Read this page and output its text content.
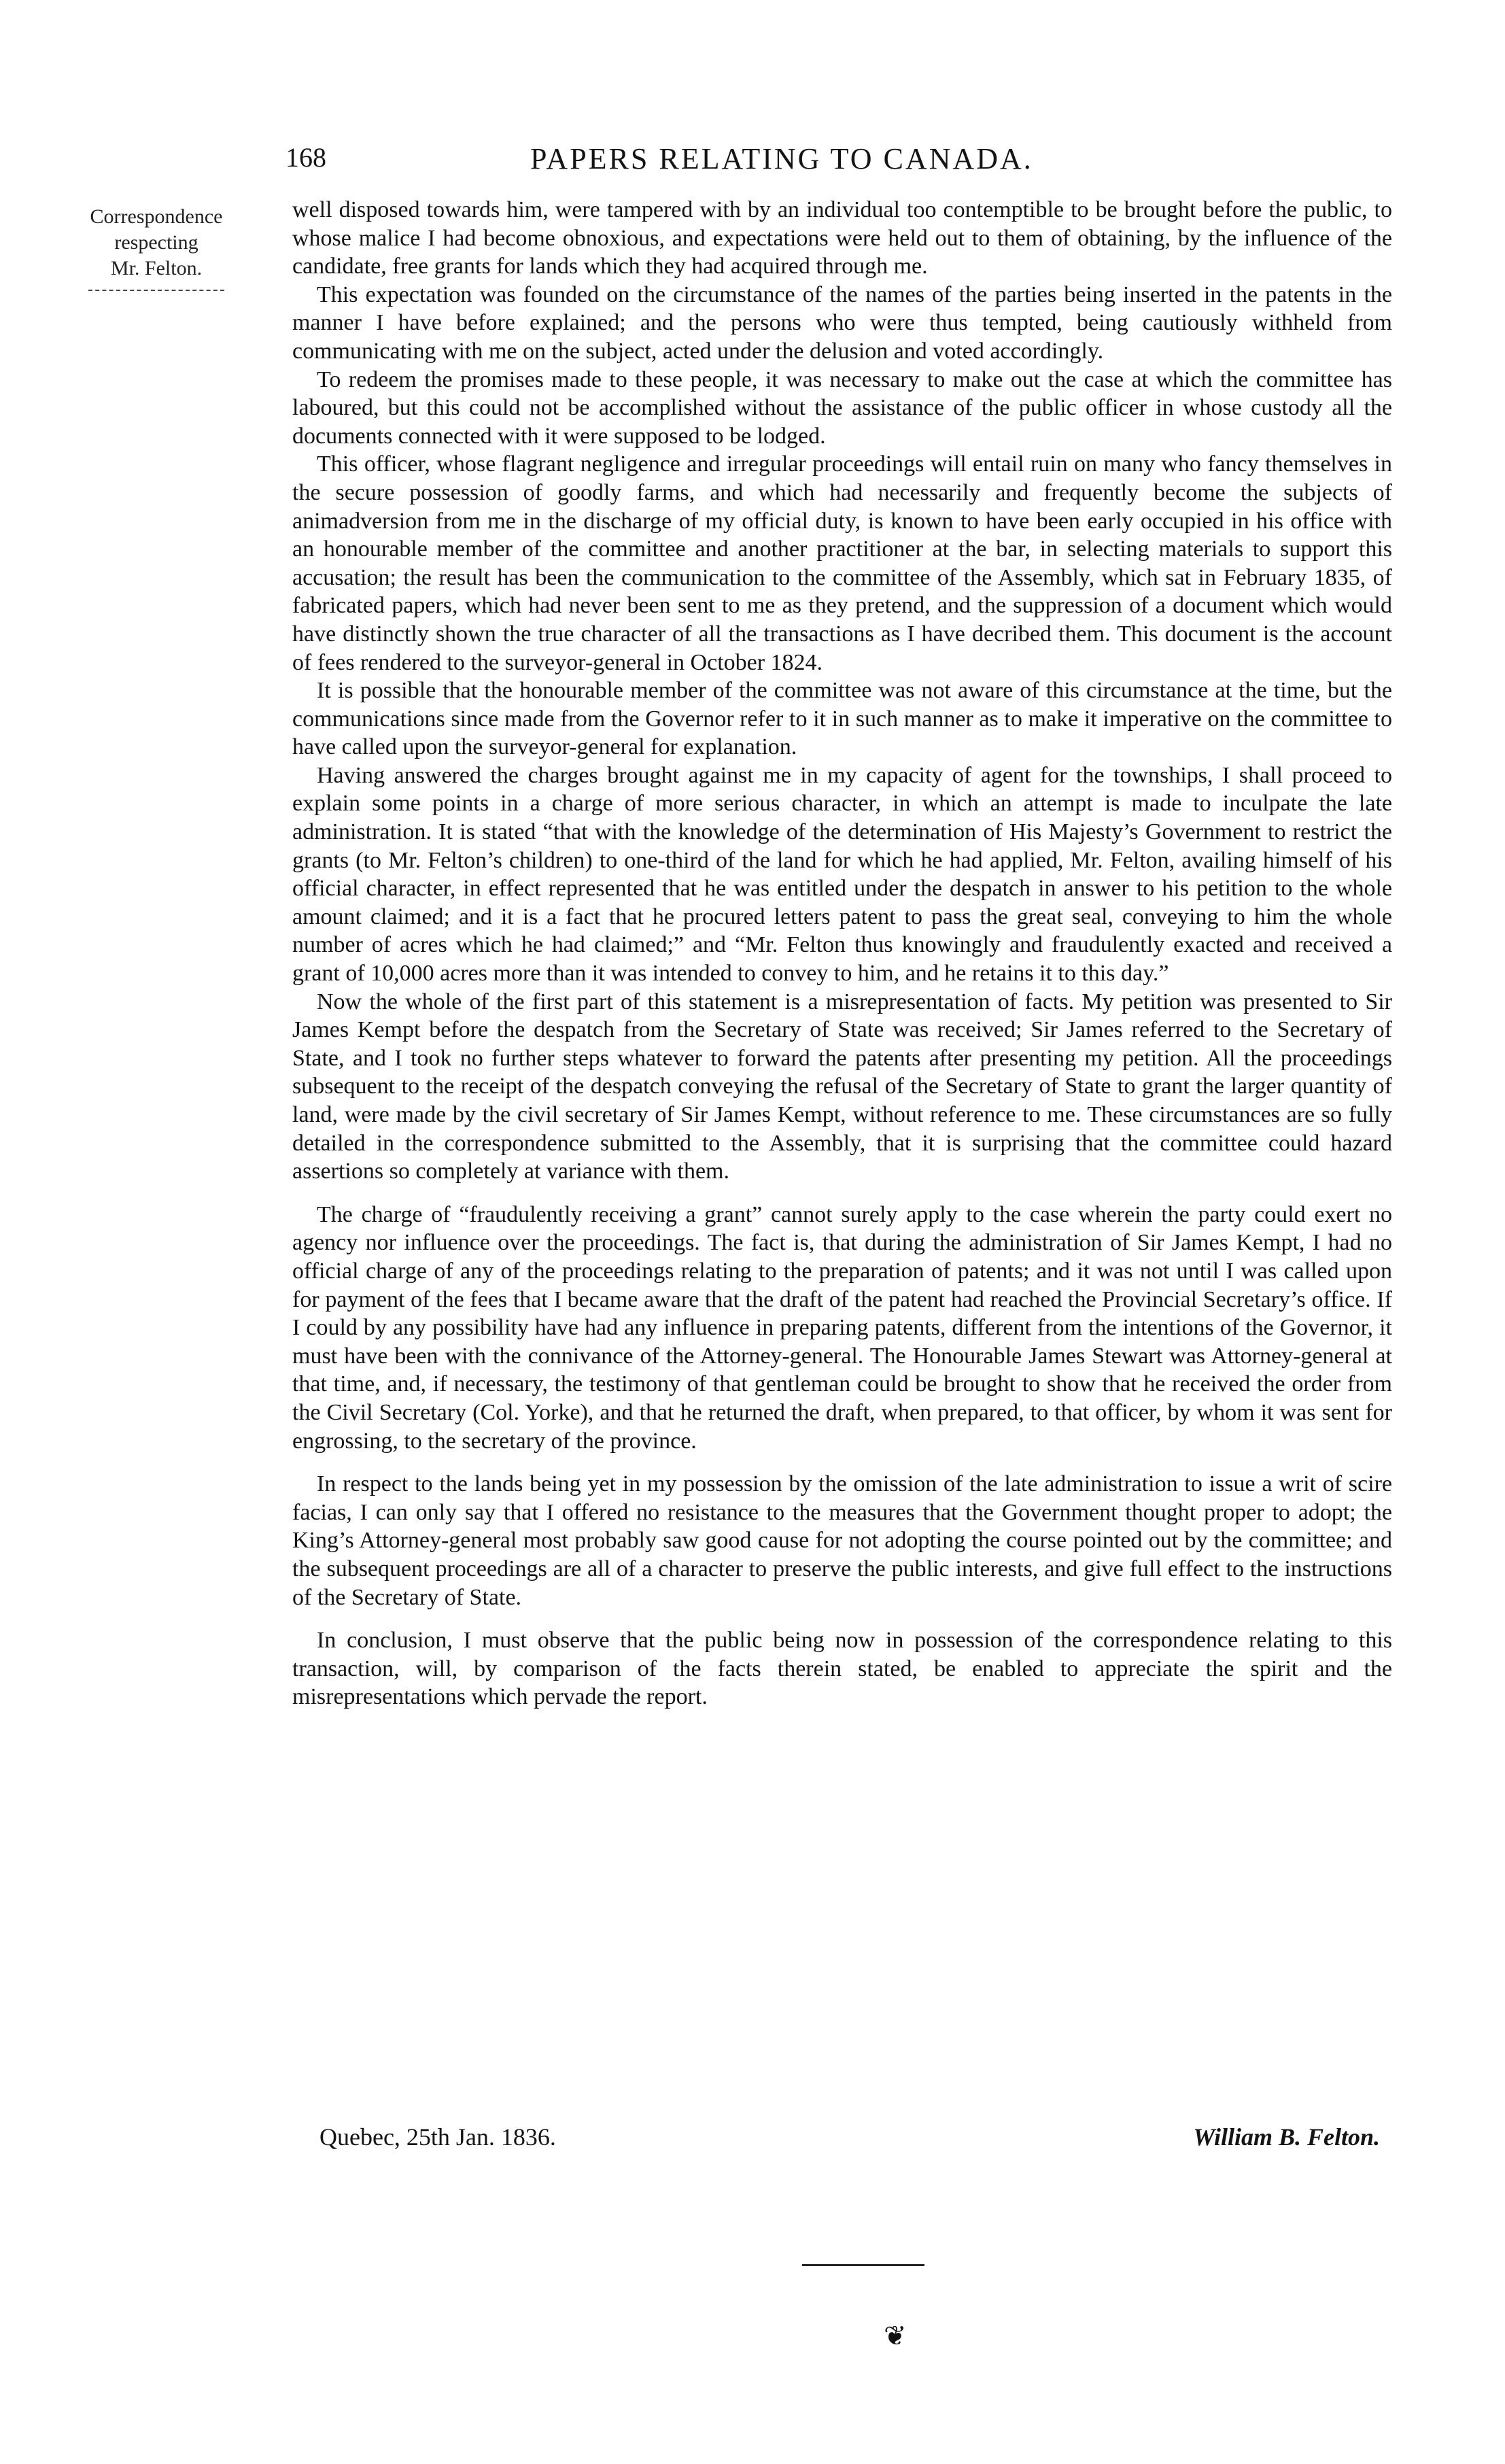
168	PAPERS RELATING TO CANADA.
Correspondence
respecting
Mr. Felton.

well disposed towards him, were tampered with by an individual too contemptible to be brought before the public, to whose malice I had become obnoxious, and expectations were held out to them of obtaining, by the influence of the candidate, free grants for lands which they had acquired through me.

This expectation was founded on the circumstance of the names of the parties being inserted in the patents in the manner I have before explained; and the persons who were thus tempted, being cautiously withheld from communicating with me on the subject, acted under the delusion and voted accordingly.

To redeem the promises made to these people, it was necessary to make out the case at which the committee has laboured, but this could not be accomplished without the assistance of the public officer in whose custody all the documents connected with it were supposed to be lodged.

This officer, whose flagrant negligence and irregular proceedings will entail ruin on many who fancy themselves in the secure possession of goodly farms, and which had necessarily and frequently become the subjects of animadversion from me in the discharge of my official duty, is known to have been early occupied in his office with an honourable member of the committee and another practitioner at the bar, in selecting materials to support this accusation; the result has been the communication to the committee of the Assembly, which sat in February 1835, of fabricated papers, which had never been sent to me as they pretend, and the suppression of a document which would have distinctly shown the true character of all the transactions as I have decribed them. This document is the account of fees rendered to the surveyor-general in October 1824.

It is possible that the honourable member of the committee was not aware of this circumstance at the time, but the communications since made from the Governor refer to it in such manner as to make it imperative on the committee to have called upon the surveyor-general for explanation.

Having answered the charges brought against me in my capacity of agent for the townships, I shall proceed to explain some points in a charge of more serious character, in which an attempt is made to inculpate the late administration. It is stated “that with the knowledge of the determination of His Majesty’s Government to restrict the grants (to Mr. Felton’s children) to one-third of the land for which he had applied, Mr. Felton, availing himself of his official character, in effect represented that he was entitled under the despatch in answer to his petition to the whole amount claimed; and it is a fact that he procured letters patent to pass the great seal, conveying to him the whole number of acres which he had claimed;” and “Mr. Felton thus knowingly and fraudulently exacted and received a grant of 10,000 acres more than it was intended to convey to him, and he retains it to this day.”

Now the whole of the first part of this statement is a misrepresentation of facts. My petition was presented to Sir James Kempt before the despatch from the Secretary of State was received; Sir James referred to the Secretary of State, and I took no further steps whatever to forward the patents after presenting my petition. All the proceedings subsequent to the receipt of the despatch conveying the refusal of the Secretary of State to grant the larger quantity of land, were made by the civil secretary of Sir James Kempt, without reference to me. These circumstances are so fully detailed in the correspondence submitted to the Assembly, that it is surprising that the committee could hazard assertions so completely at variance with them.

The charge of “fraudulently receiving a grant” cannot surely apply to the case wherein the party could exert no agency nor influence over the proceedings. The fact is, that during the administration of Sir James Kempt, I had no official charge of any of the proceedings relating to the preparation of patents; and it was not until I was called upon for payment of the fees that I became aware that the draft of the patent had reached the Provincial Secretary’s office. If I could by any possibility have had any influence in preparing patents, different from the intentions of the Governor, it must have been with the connivance of the Attorney-general. The Honourable James Stewart was Attorney-general at that time, and, if necessary, the testimony of that gentleman could be brought to show that he received the order from the Civil Secretary (Col. Yorke), and that he returned the draft, when prepared, to that officer, by whom it was sent for engrossing, to the secretary of the province.

In respect to the lands being yet in my possession by the omission of the late administration to issue a writ of scire facias, I can only say that I offered no resistance to the measures that the Government thought proper to adopt; the King’s Attorney-general most probably saw good cause for not adopting the course pointed out by the committee; and the subsequent proceedings are all of a character to preserve the public interests, and give full effect to the instructions of the Secretary of State.

In conclusion, I must observe that the public being now in possession of the correspondence relating to this transaction, will, by comparison of the facts therein stated, be enabled to appreciate the spirit and the misrepresentations which pervade the report.

Quebec, 25th Jan. 1836.	William B. Felton.
❦
